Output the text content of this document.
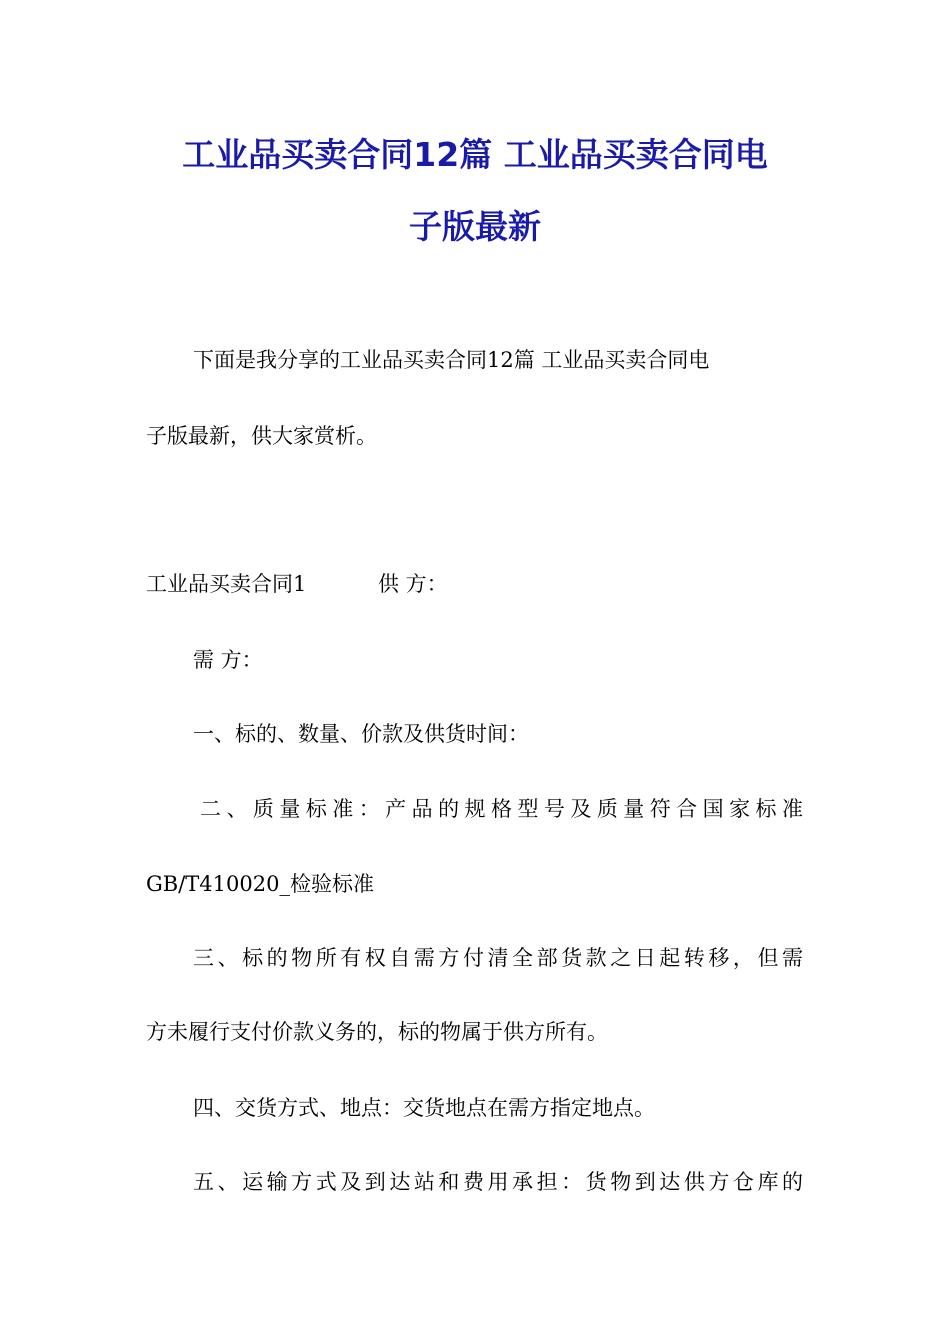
工业品买卖合同12篇 工业品买卖合同电
子版最新

下面是我分享的工业品买卖合同12篇 工业品买卖合同电

子版最新，供大家赏析。

工业品买卖合同1	供 方：

需 方：

一、标的、数量、价款及供货时间：

二、质量标准：产品的规格型号及质量符合国家标准

GB/T410020_检验标准

三、标的物所有权自需方付清全部货款之日起转移，但需

方未履行支付价款义务的，标的物属于供方所有。

四、交货方式、地点：交货地点在需方指定地点。

五、运输方式及到达站和费用承担：货物到达供方仓库的
